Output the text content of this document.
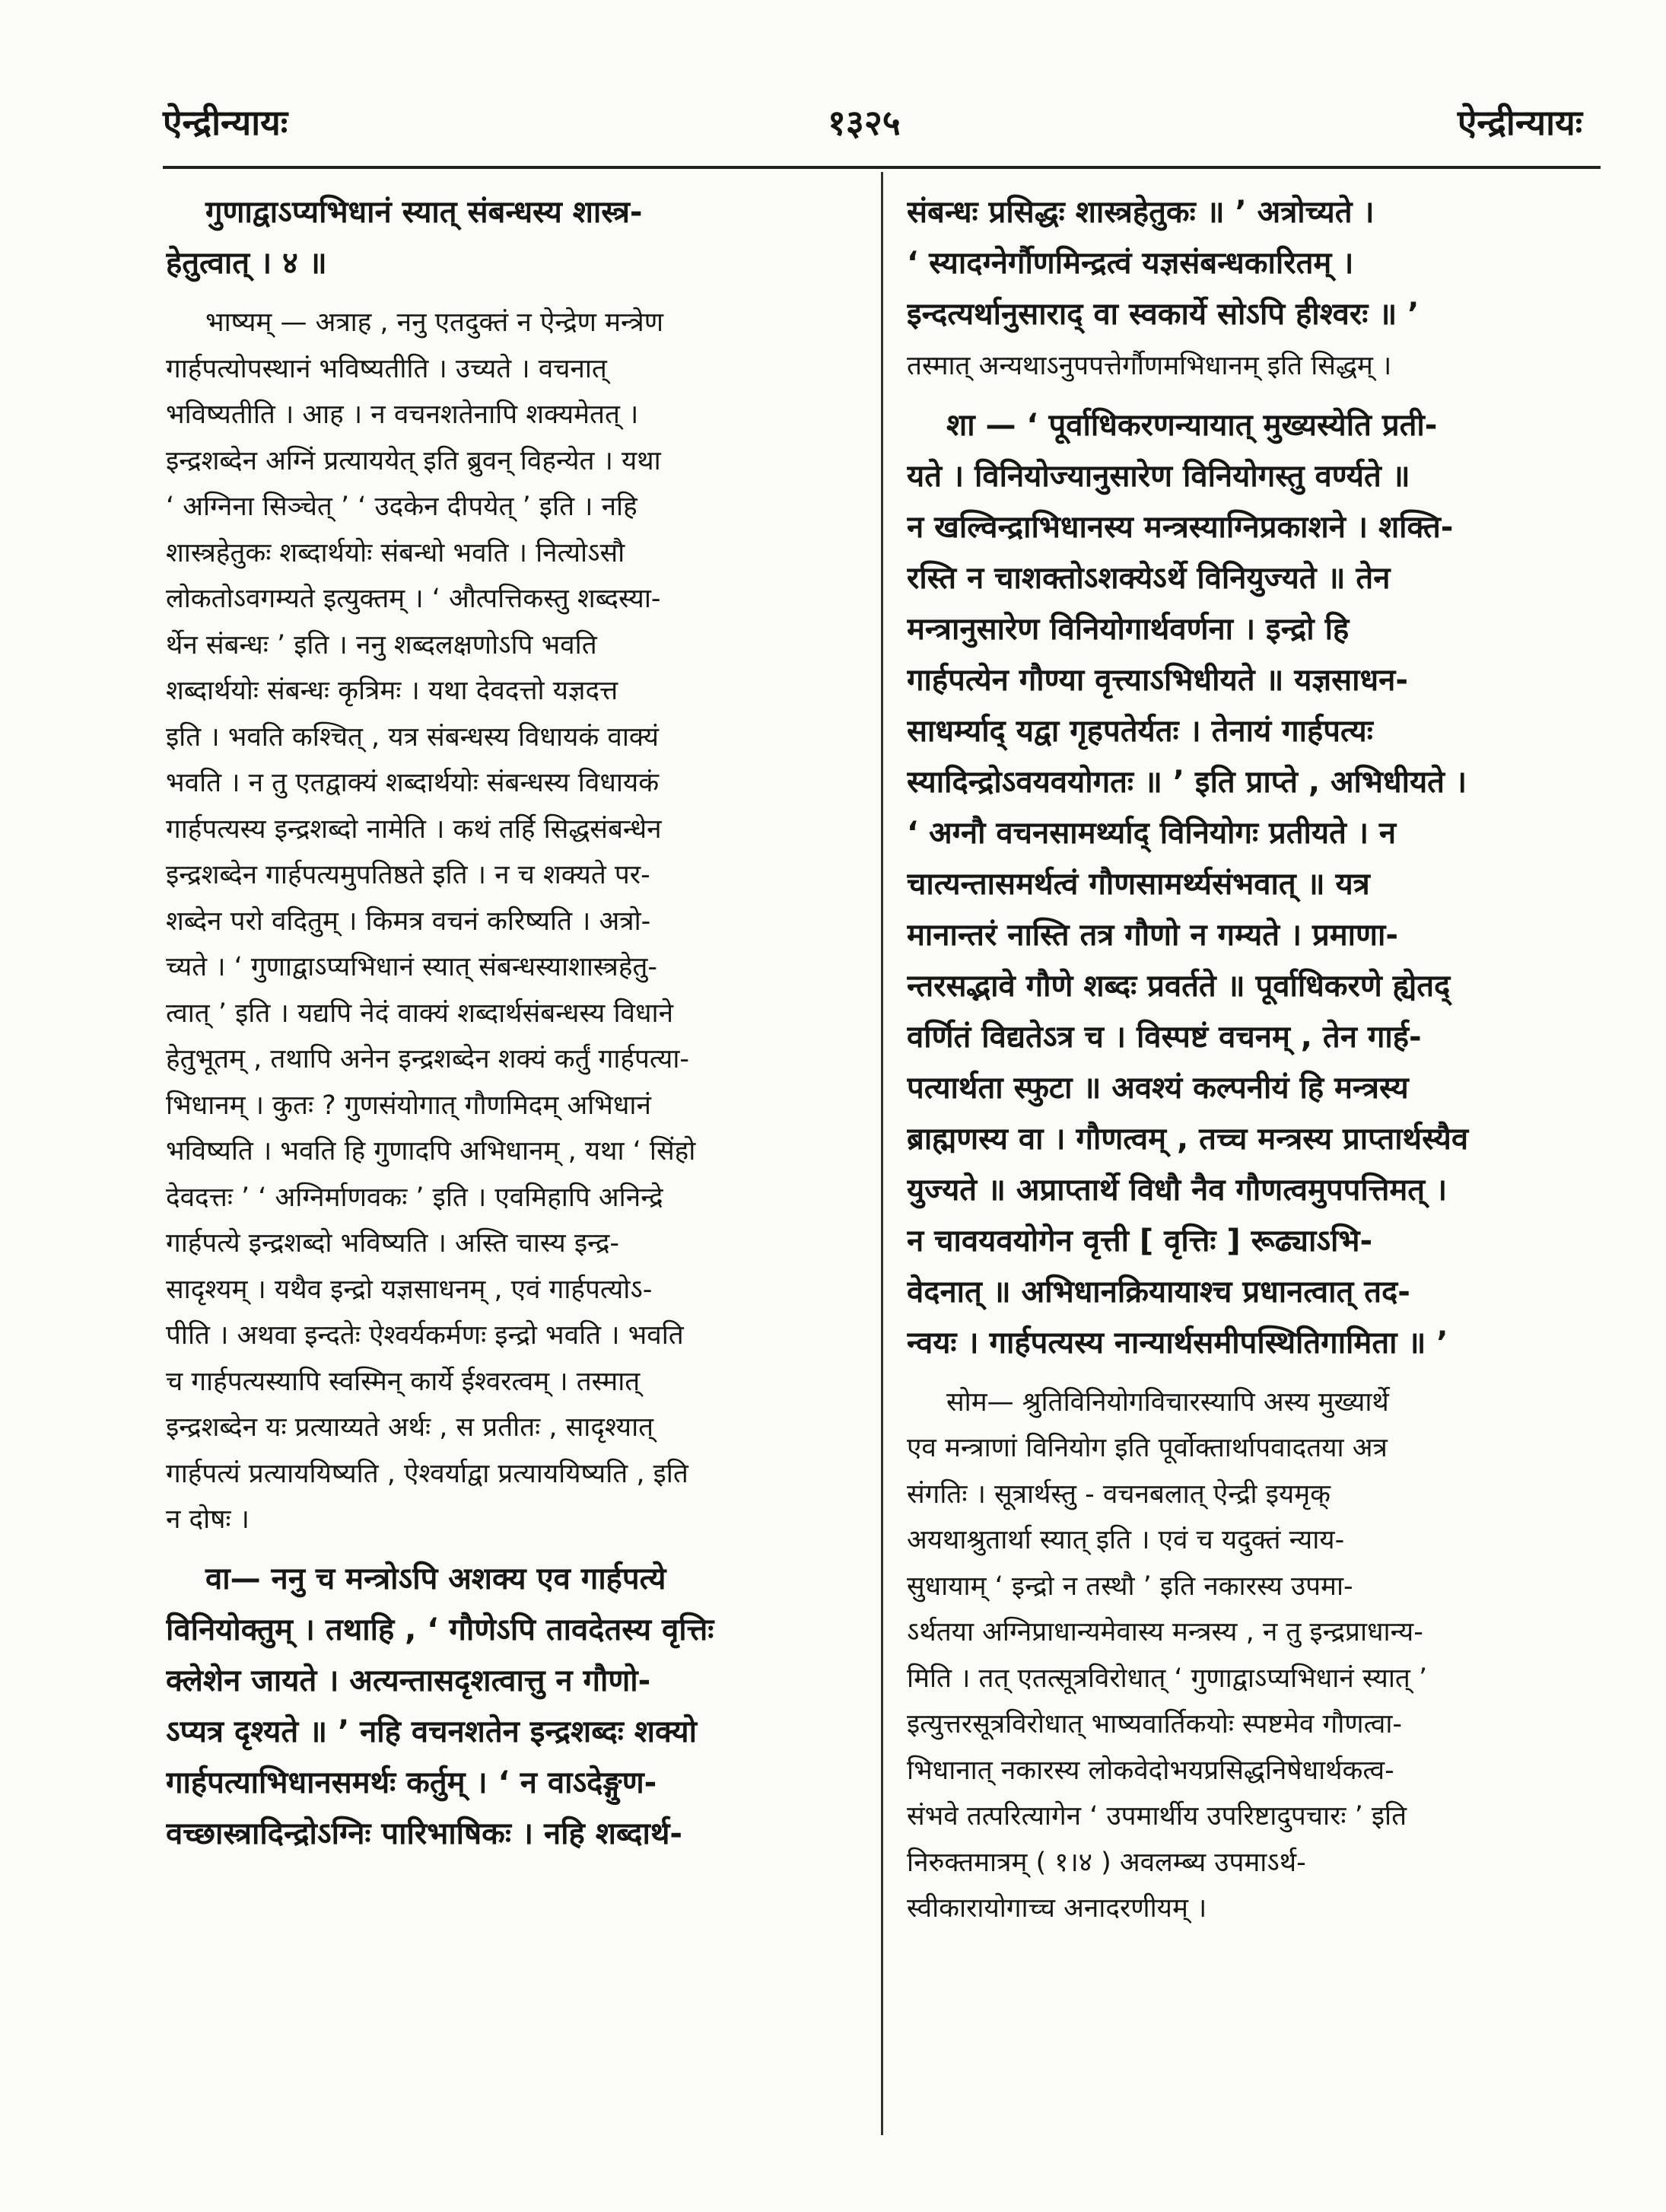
ऐन्द्रीन्यायः	१३२५	ऐन्द्रीन्यायः
गुणाद्वाऽप्यभिधानं स्यात् संबन्धस्य शास्त्र-
हेतुत्वात् । ४ ॥
भाष्यम् — अत्राह , ननु एतदुक्तं न ऐन्द्रेण मन्त्रेण
गार्हपत्योपस्थानं भविष्यतीति । उच्यते । वचनात्
भविष्यतीति । आह । न वचनशतेनापि शक्यमेतत् ।
इन्द्रशब्देन अग्निं प्रत्याययेत् इति ब्रुवन् विहन्येत । यथा
‘ अग्निना सिञ्चेत् ’ ‘ उदकेन दीपयेत् ’ इति । नहि
शास्त्रहेतुकः शब्दार्थयोः संबन्धो भवति । नित्योऽसौ
लोकतोऽवगम्यते इत्युक्तम् । ‘ औत्पत्तिकस्तु शब्दस्या-
र्थेन संबन्धः ’ इति । ननु शब्दलक्षणोऽपि भवति
शब्दार्थयोः संबन्धः कृत्रिमः । यथा देवदत्तो यज्ञदत्त
इति । भवति कश्चित् , यत्र संबन्धस्य विधायकं वाक्यं
भवति । न तु एतद्वाक्यं शब्दार्थयोः संबन्धस्य विधायकं
गार्हपत्यस्य इन्द्रशब्दो नामेति । कथं तर्हि सिद्धसंबन्धेन
इन्द्रशब्देन गार्हपत्यमुपतिष्ठते इति । न च शक्यते पर-
शब्देन परो वदितुम् । किमत्र वचनं करिष्यति । अत्रो-
च्यते । ‘ गुणाद्वाऽप्यभिधानं स्यात् संबन्धस्याशास्त्रहेतु-
त्वात् ’ इति । यद्यपि नेदं वाक्यं शब्दार्थसंबन्धस्य विधाने
हेतुभूतम् , तथापि अनेन इन्द्रशब्देन शक्यं कर्तुं गार्हपत्या-
भिधानम् । कुतः ? गुणसंयोगात् गौणमिदम् अभिधानं
भविष्यति । भवति हि गुणादपि अभिधानम् , यथा ‘ सिंहो
देवदत्तः ’ ‘ अग्निर्माणवकः ’ इति । एवमिहापि अनिन्द्रे
गार्हपत्ये इन्द्रशब्दो भविष्यति । अस्ति चास्य इन्द्र-
सादृश्यम् । यथैव इन्द्रो यज्ञसाधनम् , एवं गार्हपत्योऽ-
पीति । अथवा इन्दतेः ऐश्वर्यकर्मणः इन्द्रो भवति । भवति
च गार्हपत्यस्यापि स्वस्मिन् कार्ये ईश्वरत्वम् । तस्मात्
इन्द्रशब्देन यः प्रत्याय्यते अर्थः , स प्रतीतः , सादृश्यात्
गार्हपत्यं प्रत्याययिष्यति , ऐश्वर्याद्वा प्रत्याययिष्यति , इति
न दोषः ।
वा— ननु च मन्त्रोऽपि अशक्य एव गार्हपत्ये
विनियोक्तुम् । तथाहि , ‘ गौणेऽपि तावदेतस्य वृत्तिः
क्लेशेन जायते । अत्यन्तासदृशत्वात्तु न गौणो-
ऽप्यत्र दृश्यते ॥ ’ नहि वचनशतेन इन्द्रशब्दः शक्यो
गार्हपत्याभिधानसमर्थः कर्तुम् । ‘ न वाऽदेङ्गुण-
वच्छास्त्रादिन्द्रोऽग्निः पारिभाषिकः । नहि शब्दार्थ-
संबन्धः प्रसिद्धः शास्त्रहेतुकः ॥ ’ अत्रोच्यते ।
‘ स्यादग्नेर्गौणमिन्द्रत्वं यज्ञसंबन्धकारितम् ।
इन्दत्यर्थानुसाराद् वा स्वकार्ये सोऽपि हीश्वरः ॥ ’
तस्मात् अन्यथाऽनुपपत्तेर्गौणमभिधानम् इति सिद्धम् ।
शा — ‘ पूर्वाधिकरणन्यायात् मुख्यस्येति प्रती-
यते । विनियोज्यानुसारेण विनियोगस्तु वर्ण्यते ॥
न खल्विन्द्राभिधानस्य मन्त्रस्याग्निप्रकाशने । शक्ति-
रस्ति न चाशक्तोऽशक्येऽर्थे विनियुज्यते ॥ तेन
मन्त्रानुसारेण विनियोगार्थवर्णना । इन्द्रो हि
गार्हपत्येन गौण्या वृत्त्याऽभिधीयते ॥ यज्ञसाधन-
साधर्म्याद् यद्वा गृहपतेर्यतः । तेनायं गार्हपत्यः
स्यादिन्द्रोऽवयवयोगतः ॥ ’ इति प्राप्ते , अभिधीयते ।
‘ अग्नौ वचनसामर्थ्याद् विनियोगः प्रतीयते । न
चात्यन्तासमर्थत्वं गौणसामर्थ्यसंभवात् ॥ यत्र
मानान्तरं नास्ति तत्र गौणो न गम्यते । प्रमाणा-
न्तरसद्भावे गौणे शब्दः प्रवर्तते ॥ पूर्वाधिकरणे ह्येतद्
वर्णितं विद्यतेऽत्र च । विस्पष्टं वचनम् , तेन गार्ह-
पत्यार्थता स्फुटा ॥ अवश्यं कल्पनीयं हि मन्त्रस्य
ब्राह्मणस्य वा । गौणत्वम् , तच्च मन्त्रस्य प्राप्तार्थस्यैव
युज्यते ॥ अप्राप्तार्थे विधौ नैव गौणत्वमुपपत्तिमत् ।
न चावयवयोगेन वृत्ती [ वृत्तिः ] रूढ्याऽभि-
वेदनात् ॥ अभिधानक्रियायाश्च प्रधानत्वात् तद-
न्वयः । गार्हपत्यस्य नान्यार्थसमीपस्थितिगामिता ॥ ’
सोम— श्रुतिविनियोगविचारस्यापि अस्य मुख्यार्थे
एव मन्त्राणां विनियोग इति पूर्वोक्तार्थापवादतया अत्र
संगतिः । सूत्रार्थस्तु - वचनबलात् ऐन्द्री इयमृक्
अयथाश्रुतार्था स्यात् इति । एवं च यदुक्तं न्याय-
सुधायाम् ‘ इन्द्रो न तस्थौ ’ इति नकारस्य उपमा-
ऽर्थतया अग्निप्राधान्यमेवास्य मन्त्रस्य , न तु इन्द्रप्राधान्य-
मिति । तत् एतत्सूत्रविरोधात् ‘ गुणाद्वाऽप्यभिधानं स्यात् ’
इत्युत्तरसूत्रविरोधात् भाष्यवार्तिकयोः स्पष्टमेव गौणत्वा-
भिधानात् नकारस्य लोकवेदोभयप्रसिद्धनिषेधार्थकत्व-
संभवे तत्परित्यागेन ‘ उपमार्थीय उपरिष्टादुपचारः ’ इति
निरुक्तमात्रम् ( १।४ ) अवलम्ब्य उपमाऽर्थ-
स्वीकारायोगाच्च अनादरणीयम् ।
